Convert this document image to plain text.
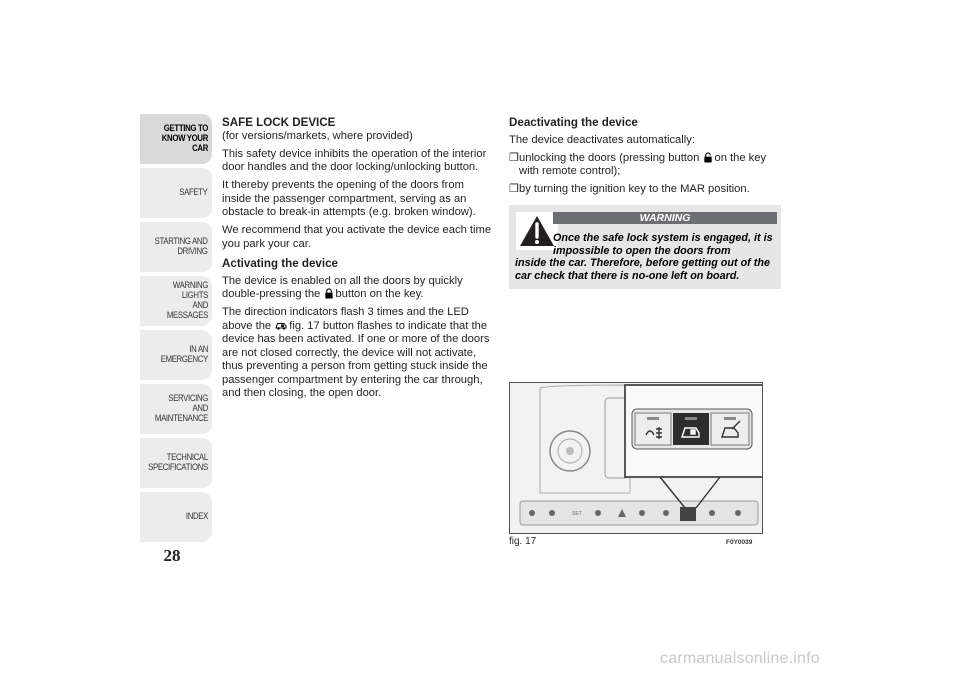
GETTING TO
KNOW YOUR CAR
SAFETY
STARTING AND
DRIVING
WARNING LIGHTS
AND MESSAGES
IN AN EMERGENCY
SERVICING AND
MAINTENANCE
TECHNICAL
SPECIFICATIONS
INDEX
28
SAFE LOCK DEVICE

(for versions/markets, where provided)

This safety device inhibits the operation of the interior door handles and the door locking/unlocking button.

It thereby prevents the opening of the doors from inside the passenger compartment, serving as an obstacle to break-in attempts (e.g. broken window).

We recommend that you activate the device each time you park your car.

Activating the device

The device is enabled on all the doors by quickly double-pressing the button on the key.

The direction indicators flash 3 times and the LED above the fig. 17 button flashes to indicate that the device has been activated. If one or more of the doors are not closed correctly, the device will not activate, thus preventing a person from getting stuck inside the passenger compartment by entering the car through, and then closing, the open door.

Deactivating the device

The device deactivates automatically:

❒ unlocking the doors (pressing button on the key with remote control);
❒ by turning the ignition key to the MAR position.
WARNING
Once the safe lock system is engaged, it is impossible to open the doors from
inside the car. Therefore, before getting out of the car check that there is no-one left on board.
SET
fig. 17	F0Y0039
carmanualsonline.info
